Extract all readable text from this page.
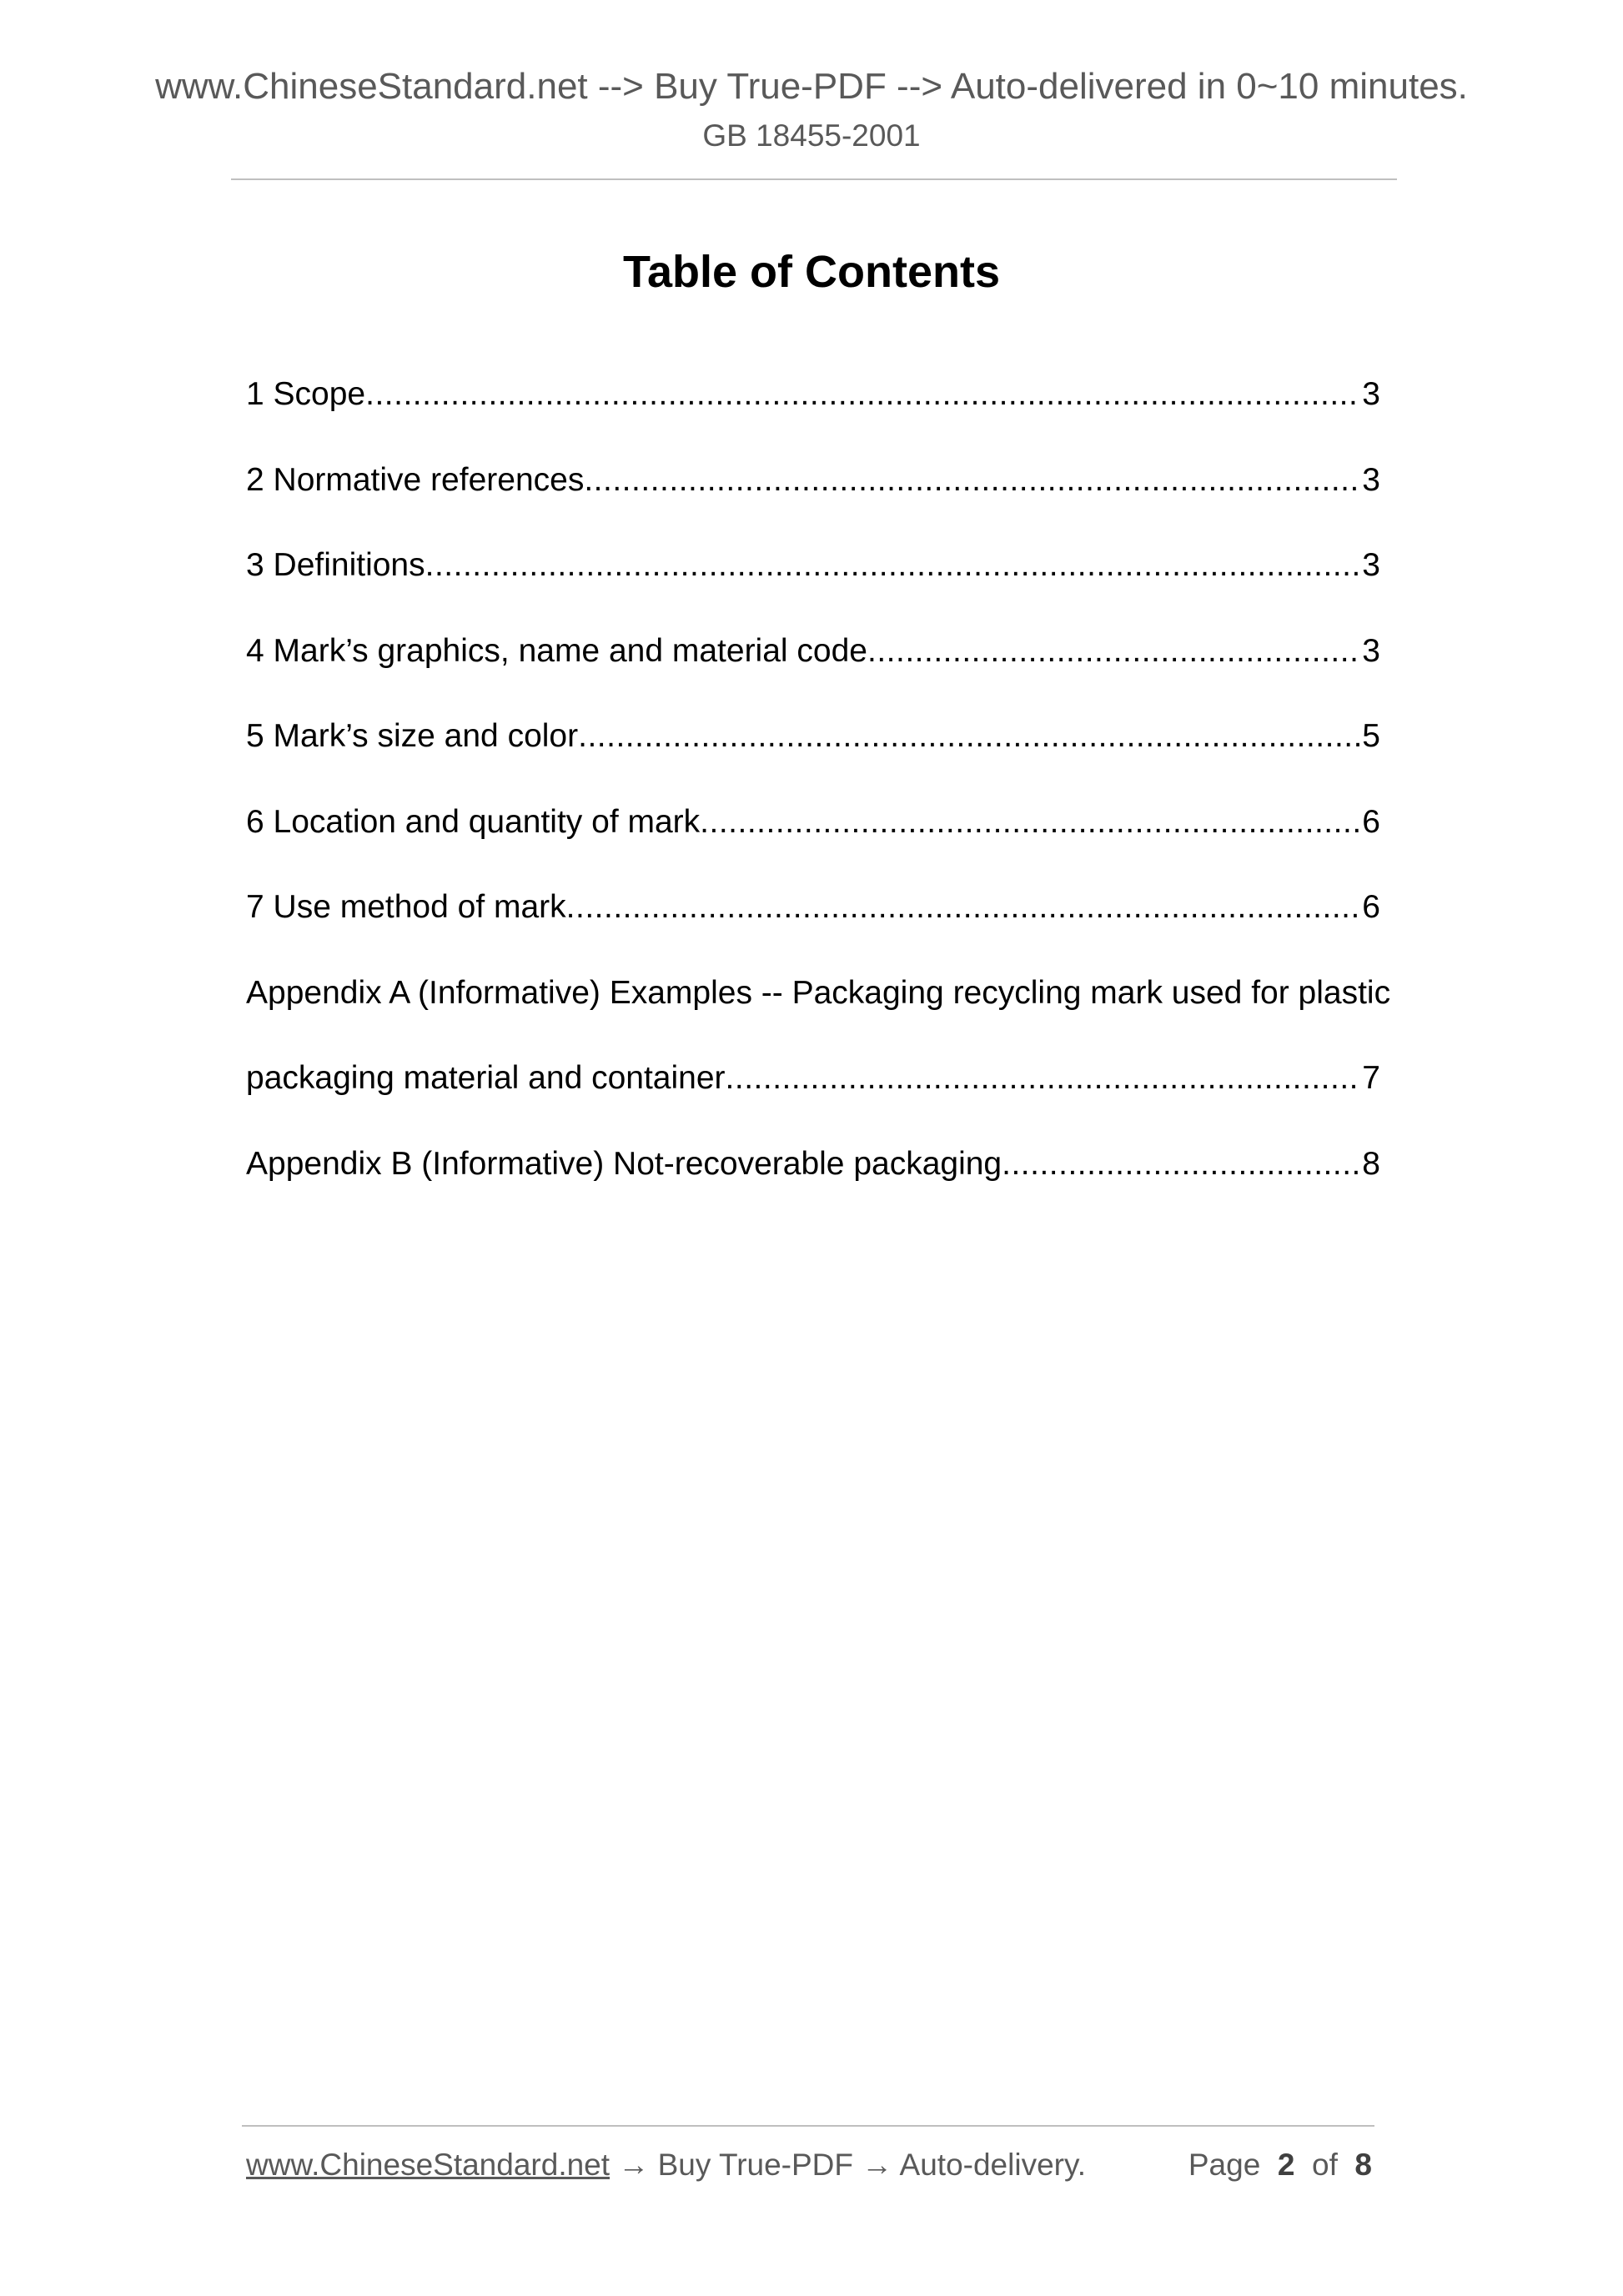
www.ChineseStandard.net --> Buy True-PDF --> Auto-delivered in 0~10 minutes.
GB 18455-2001
Table of Contents
1 Scope .....	3
2 Normative references .....	3
3 Definitions .....	3
4 Mark’s graphics, name and material code .....	3
5 Mark’s size and color .....	5
6 Location and quantity of mark .....	6
7 Use method of mark .....	6
Appendix A (Informative) Examples -- Packaging recycling mark used for plastic
packaging material and container .....	7
Appendix B (Informative) Not-recoverable packaging .....	8
www.ChineseStandard.net → Buy True-PDF → Auto-delivery.	Page 2 of 8
